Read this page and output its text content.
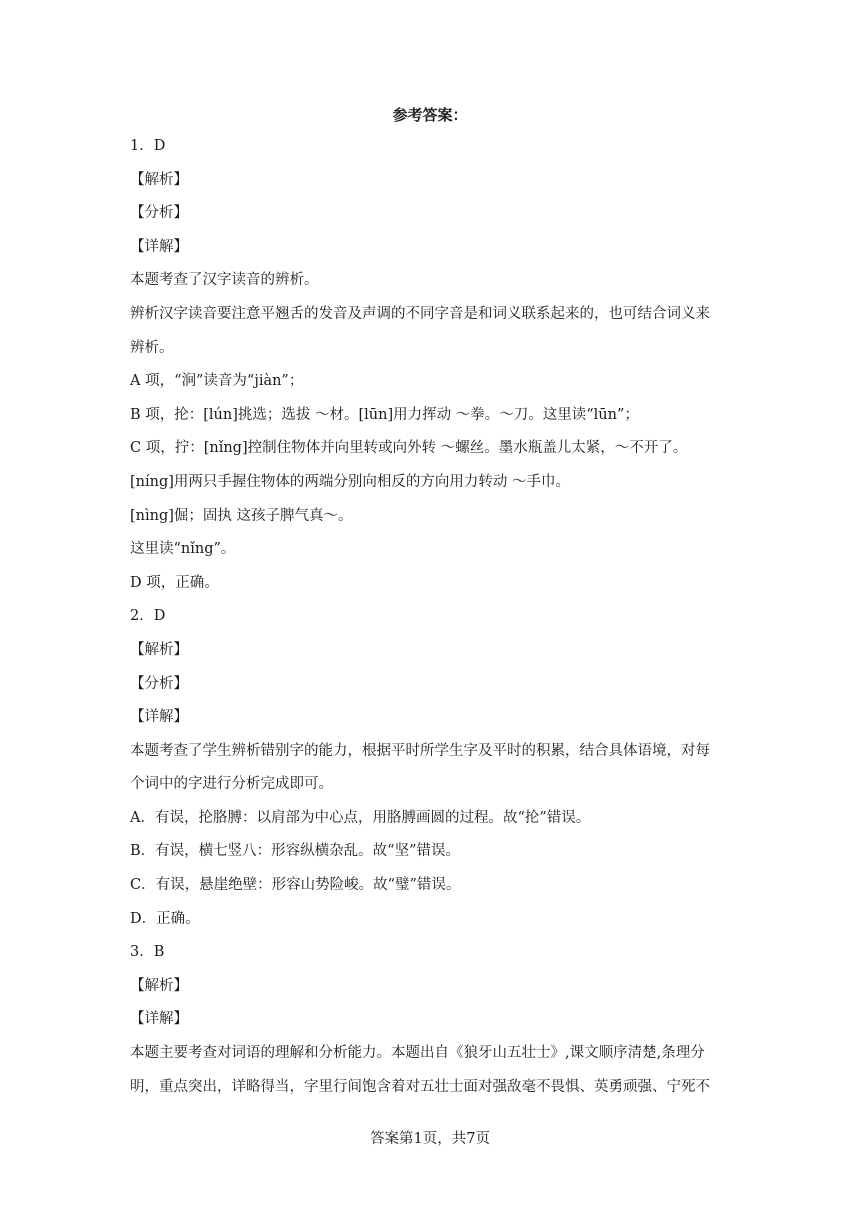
参考答案：
1．D
【解析】
【分析】
【详解】
本题考查了汉字读音的辨析。
辨析汉字读音要注意平翘舌的发音及声调的不同字音是和词义联系起来的，也可结合词义来
辨析。
A 项，“涧”读音为“jiàn”；
B 项，抡：[lún]挑选；选拔 ～材。[lūn]用力挥动 ～拳。～刀。这里读“lūn”；
C 项，拧：[nǐng]控制住物体并向里转或向外转 ～螺丝。墨水瓶盖儿太紧，～不开了。
[níng]用两只手握住物体的两端分别向相反的方向用力转动 ～手巾。
[nìng]倔；固执 这孩子脾气真～。
这里读“nǐng”。
D 项，正确。
2．D
【解析】
【分析】
【详解】
本题考查了学生辨析错别字的能力，根据平时所学生字及平时的积累，结合具体语境，对每
个词中的字进行分析完成即可。
A．有误，抡胳膊：以肩部为中心点，用胳膊画圆的过程。故“抡”错误。
B．有误，横七竖八：形容纵横杂乱。故“坚”错误。
C．有误，悬崖绝壁：形容山势险峻。故“璧”错误。
D．正确。
3．B
【解析】
【详解】
本题主要考查对词语的理解和分析能力。本题出自《狼牙山五壮士》,课文顺序清楚,条理分
明，重点突出，详略得当，字里行间饱含着对五壮士面对强敌毫不畏惧、英勇顽强、宁死不
答案第1页，共7页
